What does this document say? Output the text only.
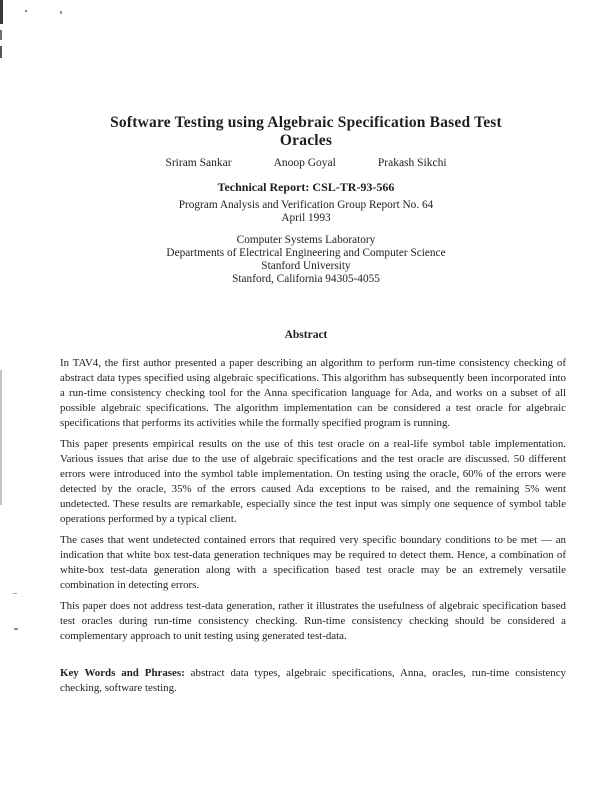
Software Testing using Algebraic Specification Based Test
Oracles
Sriram Sankar	Anoop Goyal	Prakash Sikchi
Technical Report: CSL-TR-93-566
Program Analysis and Verification Group Report No. 64
April 1993
Computer Systems Laboratory
Departments of Electrical Engineering and Computer Science
Stanford University
Stanford, California 94305-4055
Abstract

In TAV4, the first author presented a paper describing an algorithm to perform run-time consistency checking of abstract data types specified using algebraic specifications. This algorithm has subsequently been incorporated into a run-time consistency checking tool for the Anna specification language for Ada, and works on a subset of all possible algebraic specifications. The algorithm implementation can be considered a test oracle for algebraic specifications that performs its activities while the formally specified program is running.

This paper presents empirical results on the use of this test oracle on a real-life symbol table implementation. Various issues that arise due to the use of algebraic specifications and the test oracle are discussed. 50 different errors were introduced into the symbol table implementation. On testing using the oracle, 60% of the errors were detected by the oracle, 35% of the errors caused Ada exceptions to be raised, and the remaining 5% went undetected. These results are remarkable, especially since the test input was simply one sequence of symbol table operations performed by a typical client.

The cases that went undetected contained errors that required very specific boundary conditions to be met — an indication that white box test-data generation techniques may be required to detect them. Hence, a combination of white-box test-data generation along with a specification based test oracle may be an extremely versatile combination in detecting errors.

This paper does not address test-data generation, rather it illustrates the usefulness of algebraic specification based test oracles during run-time consistency checking. Run-time consistency checking should be considered a complementary approach to unit testing using generated test-data.

Key Words and Phrases: abstract data types, algebraic specifications, Anna, oracles, run-time consistency checking, software testing.
